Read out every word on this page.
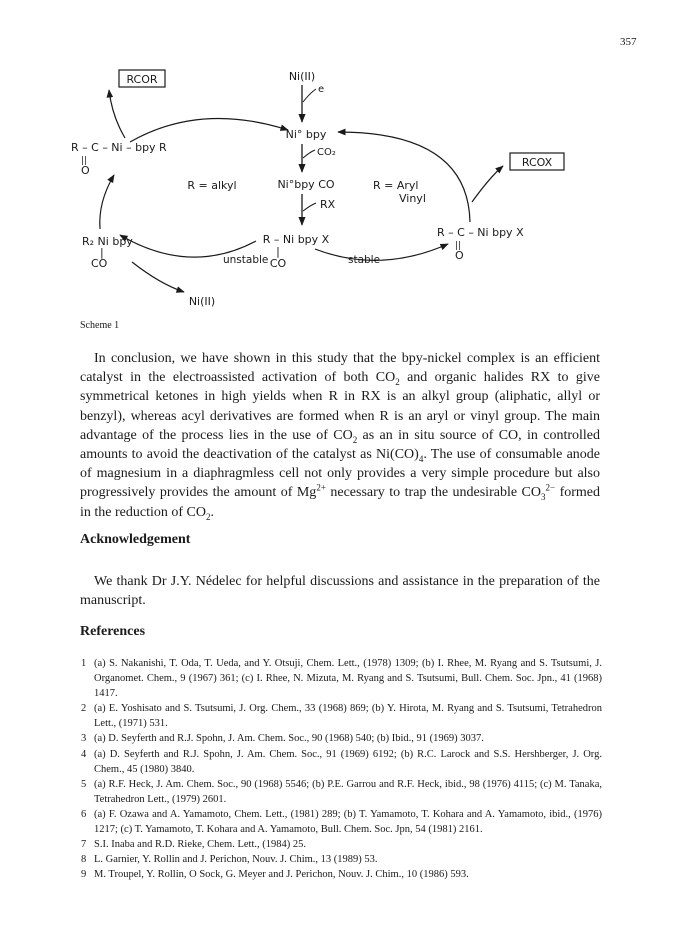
357
RCOR
RCOX
Ni(II)
e
Ni° bpy
CO₂
Ni°bpy CO
RX
R – Ni bpy X
|
CO
R = alkyl	R = Aryl
Vinyl
R – C – Ni – bpy R
||
O
R – C – Ni bpy X
||
O
R₂ Ni bpy
|
CO	unstable	stable
Ni(II)
Scheme 1

 In conclusion, we have shown in this study that the bpy-nickel complex is an efficient catalyst in the electroassisted activation of both $CO_2$ and organic halides RX to give symmetrical ketones in high yields when R in RX is an alkyl group (aliphatic, allyl or benzyl), whereas acyl derivatives are formed when R is an aryl or vinyl group. The main advantage of the process lies in the use of $CO_2$ as an in situ source of CO, in controlled amounts to avoid the deactivation of the catalyst as $Ni(CO)_4$. The use of consumable anode of magnesium in a diaphragmless cell not only provides a very simple procedure but also progressively provides the amount of $Mg^{2+}$ necessary to trap the undesirable $CO_3^{2-}$ formed in the reduction of $CO_2$.

Acknowledgement

 We thank Dr J.Y. Nédelec for helpful discussions and assistance in the preparation of the manuscript.

References
1 (a) S. Nakanishi, T. Oda, T. Ueda, and Y. Otsuji, Chem. Lett., (1978) 1309; (b) I. Rhee, M. Ryang and S. Tsutsumi, J. Organomet. Chem., 9 (1967) 361; (c) I. Rhee, N. Mizuta, M. Ryang and S. Tsutsumi, Bull. Chem. Soc. Jpn., 41 (1968) 1417.
2 (a) E. Yoshisato and S. Tsutsumi, J. Org. Chem., 33 (1968) 869; (b) Y. Hirota, M. Ryang and S. Tsutsumi, Tetrahedron Lett., (1971) 531.
3 (a) D. Seyferth and R.J. Spohn, J. Am. Chem. Soc., 90 (1968) 540; (b) Ibid., 91 (1969) 3037.
4 (a) D. Seyferth and R.J. Spohn, J. Am. Chem. Soc., 91 (1969) 6192; (b) R.C. Larock and S.S. Hershberger, J. Org. Chem., 45 (1980) 3840.
5 (a) R.F. Heck, J. Am. Chem. Soc., 90 (1968) 5546; (b) P.E. Garrou and R.F. Heck, ibid., 98 (1976) 4115; (c) M. Tanaka, Tetrahedron Lett., (1979) 2601.
6 (a) F. Ozawa and A. Yamamoto, Chem. Lett., (1981) 289; (b) T. Yamamoto, T. Kohara and A. Yamamoto, ibid., (1976) 1217; (c) T. Yamamoto, T. Kohara and A. Yamamoto, Bull. Chem. Soc. Jpn, 54 (1981) 2161.
7 S.I. Inaba and R.D. Rieke, Chem. Lett., (1984) 25.
8 L. Garnier, Y. Rollin and J. Perichon, Nouv. J. Chim., 13 (1989) 53.
9 M. Troupel, Y. Rollin, O Sock, G. Meyer and J. Perichon, Nouv. J. Chim., 10 (1986) 593.
